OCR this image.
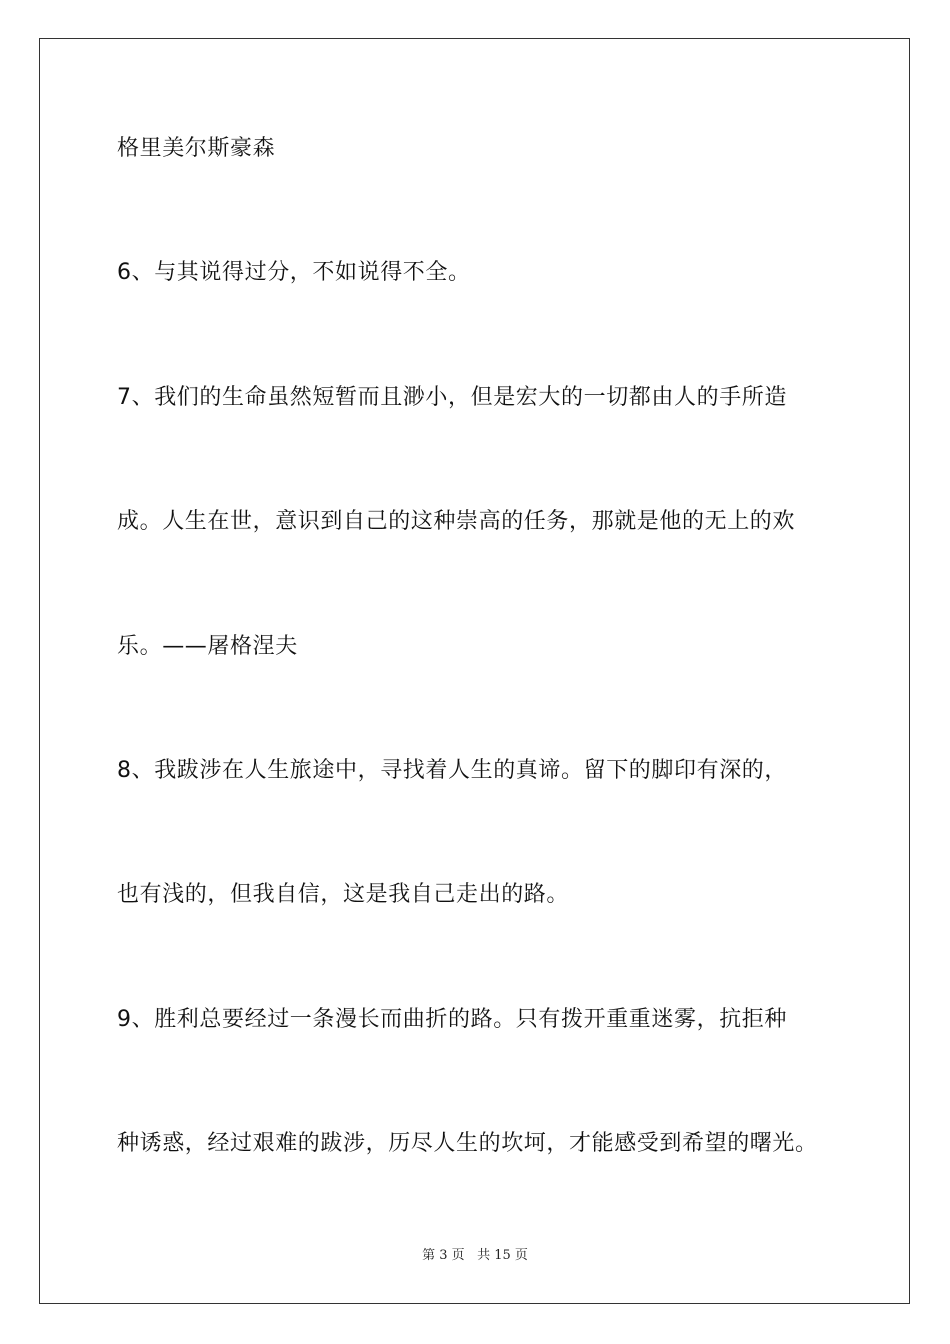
格里美尔斯豪森
6、与其说得过分，不如说得不全。
7、我们的生命虽然短暂而且渺小，但是宏大的一切都由人的手所造
成。人生在世，意识到自己的这种崇高的任务，那就是他的无上的欢
乐。——屠格涅夫
8、我跋涉在人生旅途中，寻找着人生的真谛。留下的脚印有深的，
也有浅的，但我自信，这是我自己走出的路。
9、胜利总要经过一条漫长而曲折的路。只有拨开重重迷雾，抗拒种
种诱惑，经过艰难的跋涉，历尽人生的坎坷，才能感受到希望的曙光。
第 3 页 共 15 页
